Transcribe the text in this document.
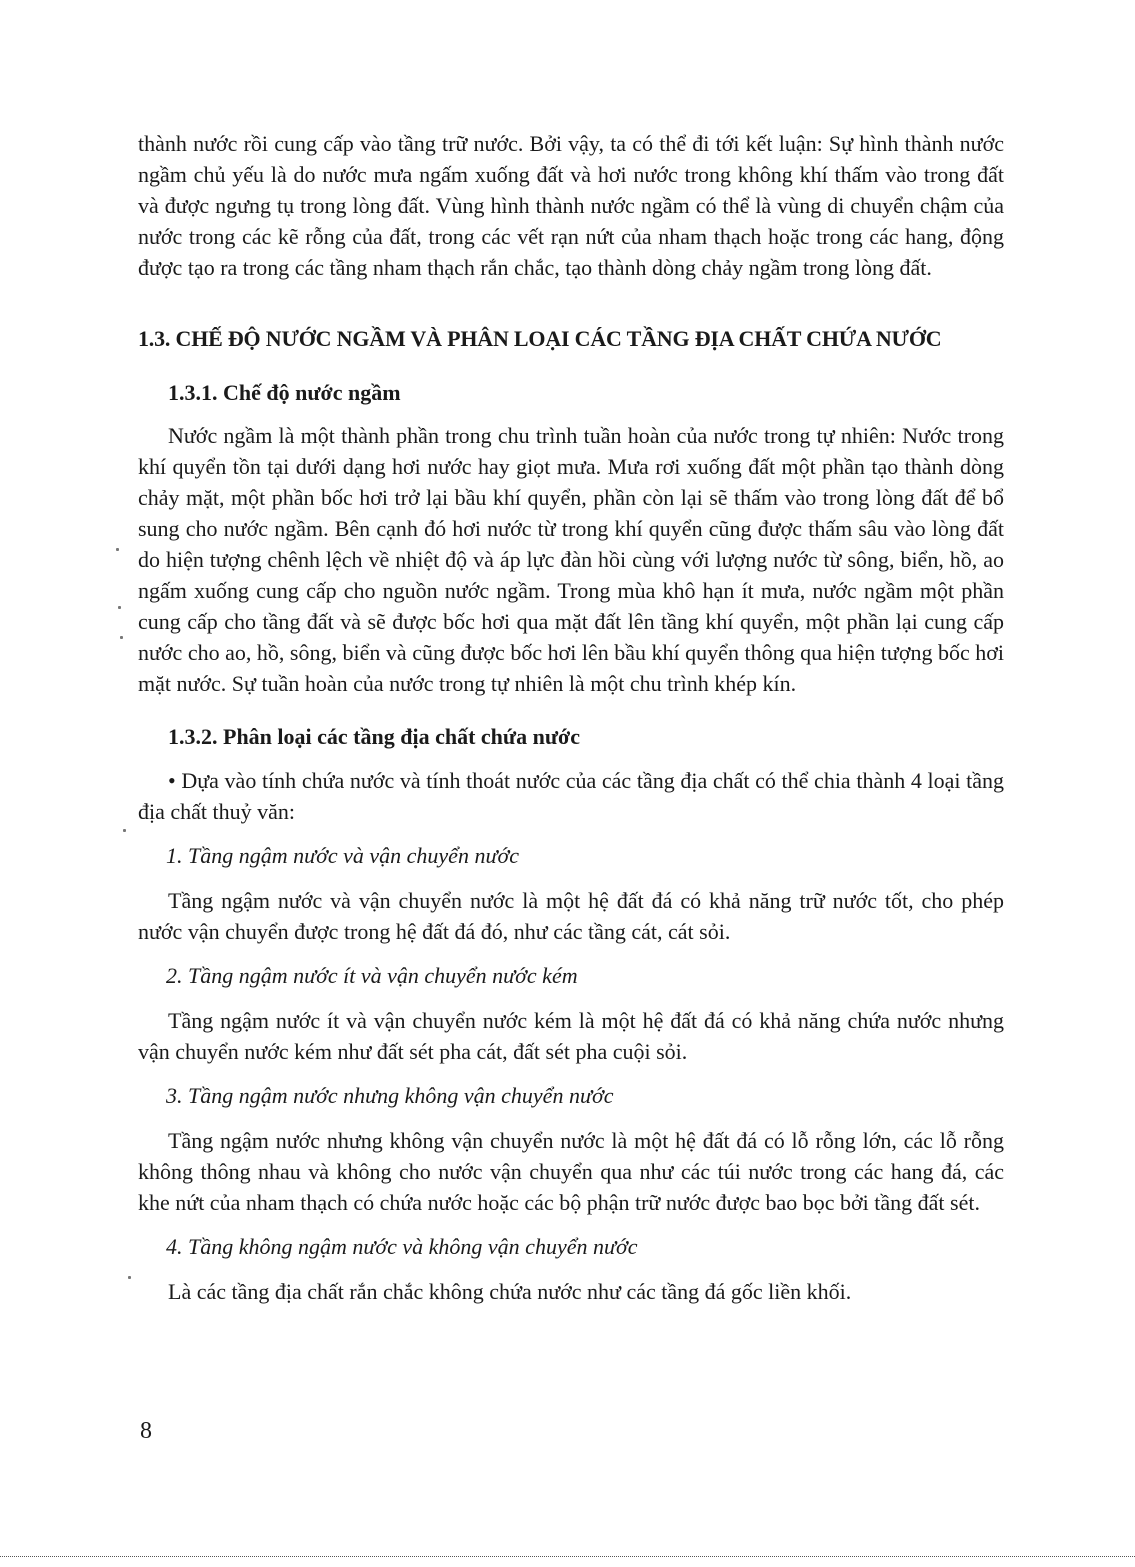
thành nước rồi cung cấp vào tầng trữ nước. Bởi vậy, ta có thể đi tới kết luận: Sự hình thành nước ngầm chủ yếu là do nước mưa ngấm xuống đất và hơi nước trong không khí thấm vào trong đất và được ngưng tụ trong lòng đất. Vùng hình thành nước ngầm có thể là vùng di chuyển chậm của nước trong các kẽ rỗng của đất, trong các vết rạn nứt của nham thạch hoặc trong các hang, động được tạo ra trong các tầng nham thạch rắn chắc, tạo thành dòng chảy ngầm trong lòng đất.

1.3. CHẾ ĐỘ NƯỚC NGẦM VÀ PHÂN LOẠI CÁC TẦNG ĐỊA CHẤT CHỨA NƯỚC
1.3.1. Chế độ nước ngầm

Nước ngầm là một thành phần trong chu trình tuần hoàn của nước trong tự nhiên: Nước trong khí quyển tồn tại dưới dạng hơi nước hay giọt mưa. Mưa rơi xuống đất một phần tạo thành dòng chảy mặt, một phần bốc hơi trở lại bầu khí quyển, phần còn lại sẽ thấm vào trong lòng đất để bổ sung cho nước ngầm. Bên cạnh đó hơi nước từ trong khí quyển cũng được thấm sâu vào lòng đất do hiện tượng chênh lệch về nhiệt độ và áp lực đàn hồi cùng với lượng nước từ sông, biển, hồ, ao ngấm xuống cung cấp cho nguồn nước ngầm. Trong mùa khô hạn ít mưa, nước ngầm một phần cung cấp cho tầng đất và sẽ được bốc hơi qua mặt đất lên tầng khí quyển, một phần lại cung cấp nước cho ao, hồ, sông, biển và cũng được bốc hơi lên bầu khí quyển thông qua hiện tượng bốc hơi mặt nước. Sự tuần hoàn của nước trong tự nhiên là một chu trình khép kín.

1.3.2. Phân loại các tầng địa chất chứa nước

• Dựa vào tính chứa nước và tính thoát nước của các tầng địa chất có thể chia thành 4 loại tầng địa chất thuỷ văn:

1. Tầng ngậm nước và vận chuyển nước

Tầng ngậm nước và vận chuyển nước là một hệ đất đá có khả năng trữ nước tốt, cho phép nước vận chuyển được trong hệ đất đá đó, như các tầng cát, cát sỏi.

2. Tầng ngậm nước ít và vận chuyển nước kém

Tầng ngậm nước ít và vận chuyển nước kém là một hệ đất đá có khả năng chứa nước nhưng vận chuyển nước kém như đất sét pha cát, đất sét pha cuội sỏi.

3. Tầng ngậm nước nhưng không vận chuyển nước

Tầng ngậm nước nhưng không vận chuyển nước là một hệ đất đá có lỗ rỗng lớn, các lỗ rỗng không thông nhau và không cho nước vận chuyển qua như các túi nước trong các hang đá, các khe nứt của nham thạch có chứa nước hoặc các bộ phận trữ nước được bao bọc bởi tầng đất sét.

4. Tầng không ngậm nước và không vận chuyển nước

Là các tầng địa chất rắn chắc không chứa nước như các tầng đá gốc liền khối.

8
